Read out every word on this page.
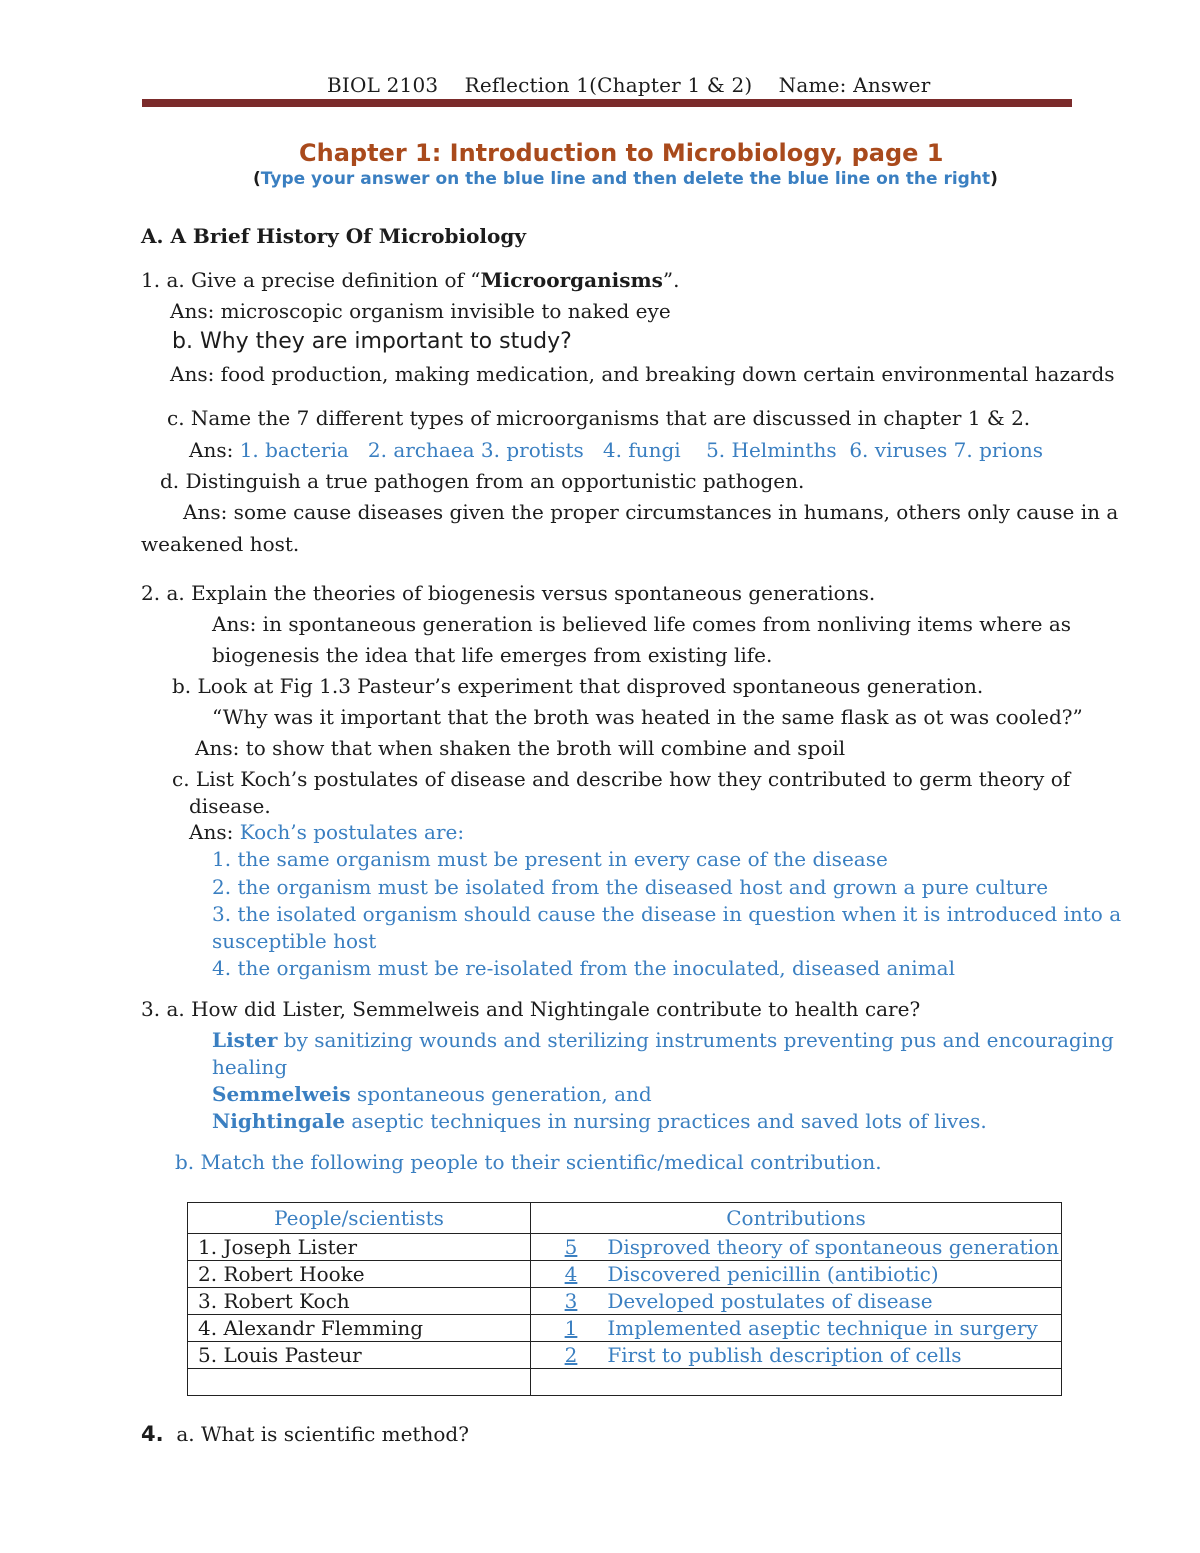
BIOL 2103 Reflection 1(Chapter 1 & 2) Name: Answer
Chapter 1: Introduction to Microbiology, page 1
(Type your answer on the blue line and then delete the blue line on the right)
A. A Brief History Of Microbiology
1. a. Give a precise definition of “Microorganisms”.
Ans: microscopic organism invisible to naked eye
b. Why they are important to study?
Ans: food production, making medication, and breaking down certain environmental hazards
c. Name the 7 different types of microorganisms that are discussed in chapter 1 & 2.
Ans: 1. bacteria   2. archaea 3. protists   4. fungi    5. Helminths  6. viruses 7. prions
d. Distinguish a true pathogen from an opportunistic pathogen.
Ans: some cause diseases given the proper circumstances in humans, others only cause in a
weakened host.
2. a. Explain the theories of biogenesis versus spontaneous generations.
Ans: in spontaneous generation is believed life comes from nonliving items where as
biogenesis the idea that life emerges from existing life.
b. Look at Fig 1.3 Pasteur’s experiment that disproved spontaneous generation.
“Why was it important that the broth was heated in the same flask as ot was cooled?”
Ans: to show that when shaken the broth will combine and spoil
c. List Koch’s postulates of disease and describe how they contributed to germ theory of
disease.
Ans: Koch’s postulates are:
1. the same organism must be present in every case of the disease
2. the organism must be isolated from the diseased host and grown a pure culture
3. the isolated organism should cause the disease in question when it is introduced into a
susceptible host
4. the organism must be re-isolated from the inoculated, diseased animal
3. a. How did Lister, Semmelweis and Nightingale contribute to health care?
Lister by sanitizing wounds and sterilizing instruments preventing pus and encouraging
healing
Semmelweis spontaneous generation, and
Nightingale aseptic techniques in nursing practices and saved lots of lives.
b. Match the following people to their scientific/medical contribution.
People/scientists	Contributions
1. Joseph Lister	5 Disproved theory of spontaneous generation
2. Robert Hooke	4 Discovered penicillin (antibiotic)
3. Robert Koch	3 Developed postulates of disease
4. Alexandr Flemming	1 Implemented aseptic technique in surgery
5. Louis Pasteur	2 First to publish description of cells

4. a. What is scientific method?
